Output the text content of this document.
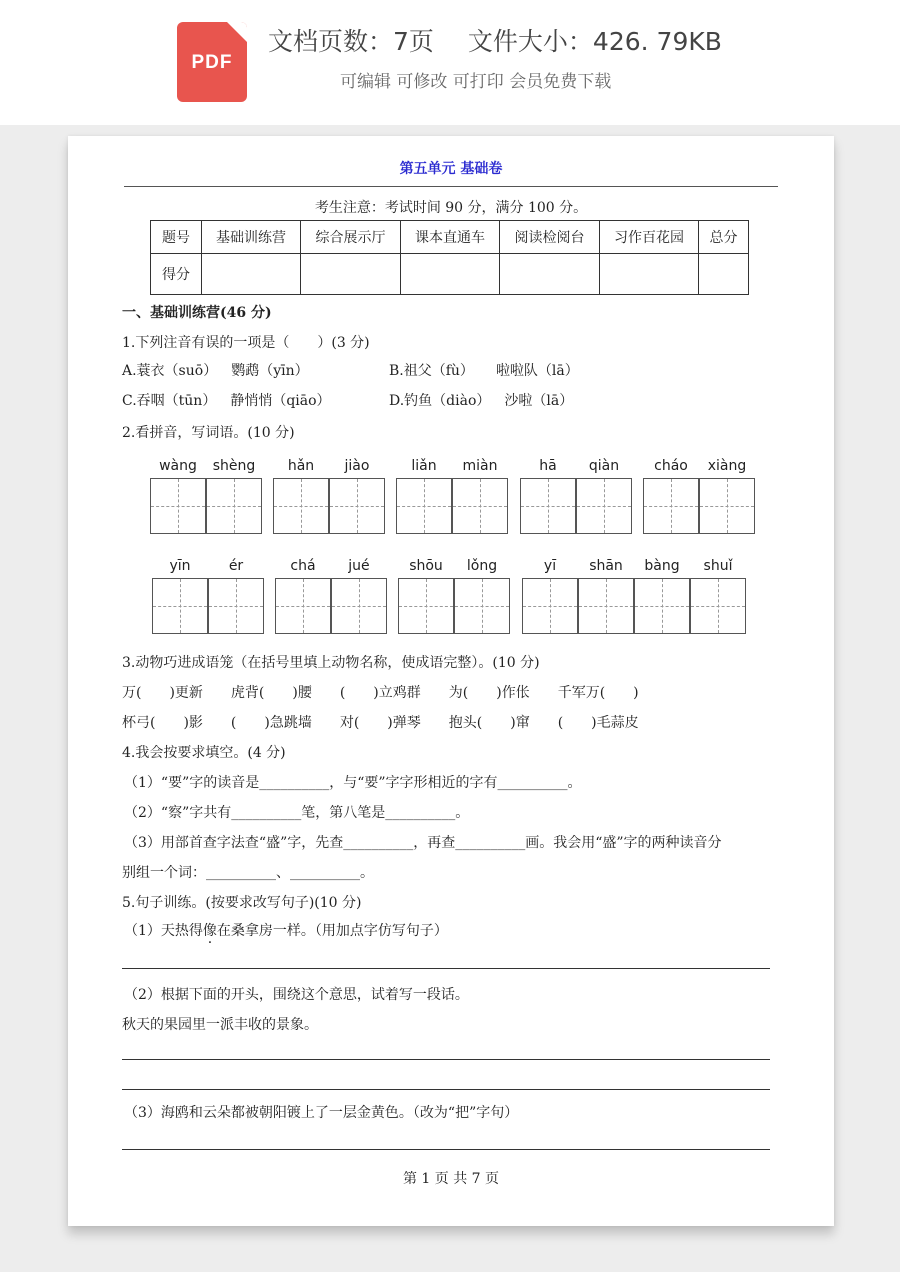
PDF
文档页数：7页 文件大小：426. 79KB
可编辑 可修改 可打印 会员免费下载
第五单元 基础卷
考生注意：考试时间 90 分，满分 100 分。
题号	基础训练营	综合展示厅	课本直通车	阅读检阅台	习作百花园	总分
得分						
一、基础训练营(46 分)
1.下列注音有误的一项是（　　）(3 分)
A.蓑衣（suō） 鹦鹉（yīn）	B.祖父（fù） 啦啦队（lā）
C.吞咽（tūn） 静悄悄（qiāo）	D.钓鱼（diào） 沙啦（lā）
2.看拼音，写词语。(10 分)
wàng	shèng	hǎn	jiào	liǎn	miàn	hā	qiàn	cháo	xiàng
yīn	ér	chá	jué	shōu	lǒng	yī	shān	bàng	shuǐ
3.动物巧进成语笼（在括号里填上动物名称，使成语完整）。(10 分)
万(　　)更新　　虎背(　　)腰　　(　　)立鸡群　　为(　　)作伥　　千军万(　　)
杯弓(　　)影　　(　　)急跳墙　　对(　　)弹琴　　抱头(　　)窜　　(　　)毛蒜皮
4.我会按要求填空。(4 分)
（1）“要”字的读音是__________，与“要”字字形相近的字有__________。
（2）“察”字共有__________笔，第八笔是__________。
（3）用部首查字法查“盛”字，先查__________，再查__________画。我会用“盛”字的两种读音分
别组一个词：__________、__________。
5.句子训练。(按要求改写句子)(10 分)
（1）天热得像在桑拿房一样。（用加点字仿写句子）
（2）根据下面的开头，围绕这个意思，试着写一段话。
秋天的果园里一派丰收的景象。
（3）海鸥和云朵都被朝阳镀上了一层金黄色。（改为“把”字句）
第 1 页 共 7 页
